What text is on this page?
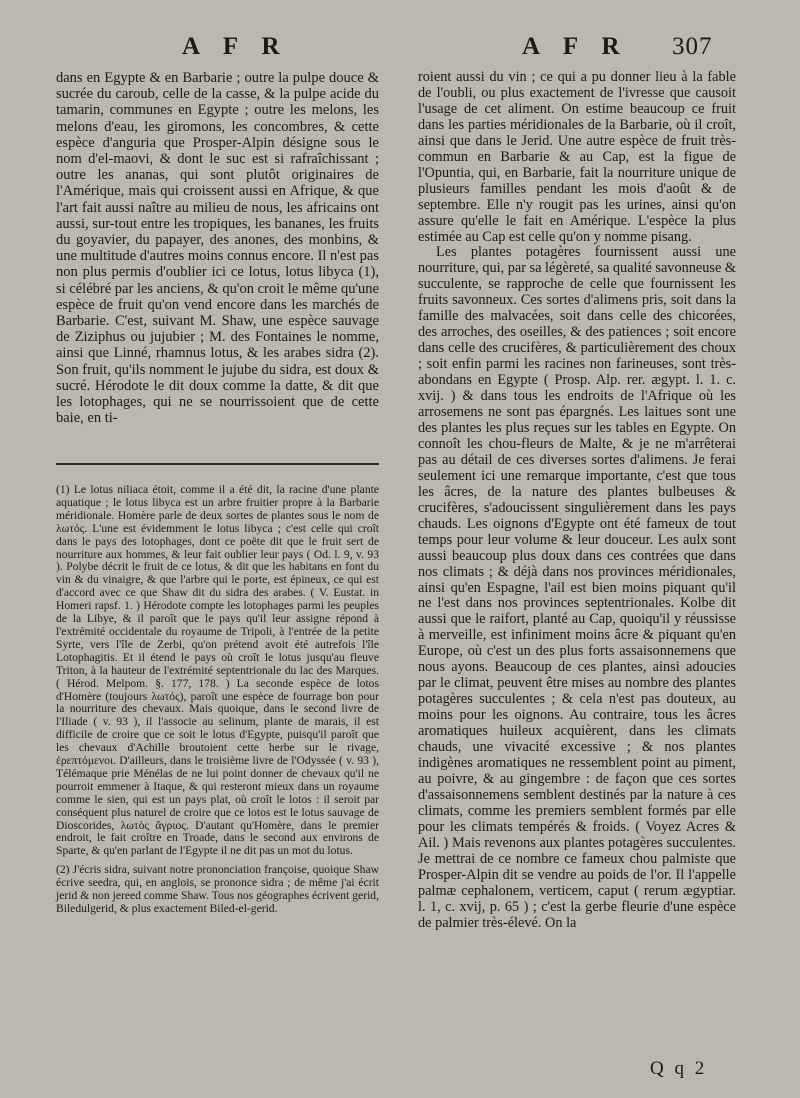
A F R	A F R 307

dans en Egypte & en Barbarie ; outre la pulpe douce & sucrée du caroub, celle de la casse, & la pulpe acide du tamarin, communes en Egypte ; outre les melons, les melons d'eau, les giromons, les concombres, & cette espèce d'anguria que Prosper-Alpin désigne sous le nom d'el-maovi, & dont le suc est si rafraîchissant ; outre les ananas, qui sont plutôt originaires de l'Amérique, mais qui croissent aussi en Afrique, & que l'art fait aussi naître au milieu de nous, les africains ont aussi, sur-tout entre les tropiques, les bananes, les fruits du goyavier, du papayer, des anones, des monbins, & une multitude d'autres moins connus encore. Il n'est pas non plus permis d'oublier ici ce lotus, lotus libyca (1), si célébré par les anciens, & qu'on croit le même qu'une espèce de fruit qu'on vend encore dans les marchés de Barbarie. C'est, suivant M. Shaw, une espèce sauvage de Ziziphus ou jujubier ; M. des Fontaines le nomme, ainsi que Linné, rhamnus lotus, & les arabes sidra (2). Son fruit, qu'ils nomment le jujube du sidra, est doux & sucré. Hérodote le dit doux comme la datte, & dit que les lotophages, qui ne se nourrissoient que de cette baie, en ti-

(1) Le lotus niliaca étoit, comme il a été dit, la racine d'une plante aquatique ; le lotus libyca est un arbre fruitier propre à la Barbarie méridionale. Homère parle de deux sortes de plantes sous le nom de λωτός. L'une est évidemment le lotus libyca ; c'est celle qui croît dans le pays des lotophages, dont ce poëte dit que le fruit sert de nourriture aux hommes, & leur fait oublier leur pays ( Od. l. 9, v. 93 ). Polybe décrit le fruit de ce lotus, & dit que les habitans en font du vin & du vinaigre, & que l'arbre qui le porte, est épineux, ce qui est d'accord avec ce que Shaw dit du sidra des arabes. ( V. Eustat. in Homeri rapsf. 1. ) Hérodote compte les lotophages parmi les peuples de la Libye, & il paroît que le pays qu'il leur assigne répond à l'extrémité occidentale du royaume de Tripoli, à l'entrée de la petite Syrte, vers l'île de Zerbi, qu'on prétend avoit été autrefois l'île Lotophagitis. Et il étend le pays où croît le lotus jusqu'au fleuve Triton, à la hauteur de l'extrémité septentrionale du lac des Marques. ( Hérod. Melpom. §. 177, 178. ) La seconde espèce de lotos d'Homère (toujours λωτός), paroît une espèce de fourrage bon pour la nourriture des chevaux. Mais quoique, dans le second livre de l'Iliade ( v. 93 ), il l'associe au selinum, plante de marais, il est difficile de croire que ce soit le lotus d'Egypte, puisqu'il paroît que les chevaux d'Achille broutoient cette herbe sur le rivage, ἐρεπτόμενοι. D'ailleurs, dans le troisième livre de l'Odyssée ( v. 93 ), Télémaque prie Ménélas de ne lui point donner de chevaux qu'il ne pourroit emmener à Itaque, & qui resteront mieux dans un royaume comme le sien, qui est un pays plat, où croît le lotos : il seroit par conséquent plus naturel de croire que ce lotos est le lotus sauvage de Dioscorides, λωτὸς ἄγριος. D'autant qu'Homère, dans le premier endroit, le fait croître en Troade, dans le second aux environs de Sparte, & qu'en parlant de l'Egypte il ne dit pas un mot du lotus.

(2) J'écris sidra, suivant notre prononciation françoise, quoique Shaw écrive seedra, qui, en anglois, se prononce sidra ; de même j'ai écrit jerid & non jereed comme Shaw. Tous nos géographes écrivent gerid, Biledulgerid, & plus exactement Biled-el-gerid.

roient aussi du vin ; ce qui a pu donner lieu à la fable de l'oubli, ou plus exactement de l'ivresse que causoit l'usage de cet aliment. On estime beaucoup ce fruit dans les parties méridionales de la Barbarie, où il croît, ainsi que dans le Jerid. Une autre espèce de fruit très-commun en Barbarie & au Cap, est la figue de l'Opuntia, qui, en Barbarie, fait la nourriture unique de plusieurs familles pendant les mois d'août & de septembre. Elle n'y rougit pas les urines, ainsi qu'on assure qu'elle le fait en Amérique. L'espèce la plus estimée au Cap est celle qu'on y nomme pisang.

Les plantes potagères fournissent aussi une nourriture, qui, par sa légèreté, sa qualité savonneuse & succulente, se rapproche de celle que fournissent les fruits savonneux. Ces sortes d'alimens pris, soit dans la famille des malvacées, soit dans celle des chicorées, des arroches, des oseilles, & des patiences ; soit encore dans celle des crucifères, & particulièrement des choux ; soit enfin parmi les racines non farineuses, sont très-abondans en Egypte ( Prosp. Alp. rer. ægypt. l. 1. c. xvij. ) & dans tous les endroits de l'Afrique où les arrosemens ne sont pas épargnés. Les laitues sont une des plantes les plus reçues sur les tables en Egypte. On connoît les chou-fleurs de Malte, & je ne m'arrêterai pas au détail de ces diverses sortes d'alimens. Je ferai seulement ici une remarque importante, c'est que tous les âcres, de la nature des plantes bulbeuses & crucifères, s'adoucissent singulièrement dans les pays chauds. Les oignons d'Egypte ont été fameux de tout temps pour leur volume & leur douceur. Les aulx sont aussi beaucoup plus doux dans ces contrées que dans nos climats ; & déjà dans nos provinces méridionales, ainsi qu'en Espagne, l'ail est bien moins piquant qu'il ne l'est dans nos provinces septentrionales. Kolbe dit aussi que le raifort, planté au Cap, quoiqu'il y réussisse à merveille, est infiniment moins âcre & piquant qu'en Europe, où c'est un des plus forts assaisonnemens que nous ayons. Beaucoup de ces plantes, ainsi adoucies par le climat, peuvent être mises au nombre des plantes potagères succulentes ; & cela n'est pas douteux, au moins pour les oignons. Au contraire, tous les âcres aromatiques huileux acquièrent, dans les climats chauds, une vivacité excessive ; & nos plantes indigènes aromatiques ne ressemblent point au piment, au poivre, & au gingembre : de façon que ces sortes d'assaisonnemens semblent destinés par la nature à ces climats, comme les premiers semblent formés par elle pour les climats tempérés & froids. ( Voyez Acres & Ail. ) Mais revenons aux plantes potagères succulentes. Je mettrai de ce nombre ce fameux chou palmiste que Prosper-Alpin dit se vendre au poids de l'or. Il l'appelle palmæ cephalonem, verticem, caput ( rerum ægyptiar. l. 1, c. xvij, p. 65 ) ; c'est la gerbe fleurie d'une espèce de palmier très-élevé. On la

Q q 2
